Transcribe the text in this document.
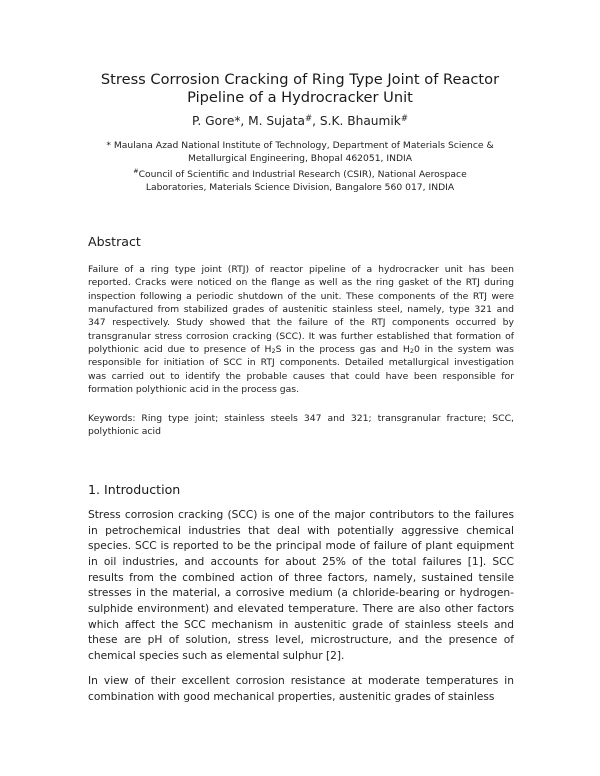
Stress Corrosion Cracking of Ring Type Joint of Reactor
Pipeline of a Hydrocracker Unit
P. Gore*, M. Sujata#, S.K. Bhaumik#
* Maulana Azad National Institute of Technology, Department of Materials Science &
Metallurgical Engineering, Bhopal 462051, INDIA
#Council of Scientific and Industrial Research (CSIR), National Aerospace
Laboratories, Materials Science Division, Bangalore 560 017, INDIA
Abstract

Failure of a ring type joint (RTJ) of reactor pipeline of a hydrocracker unit has been reported. Cracks were noticed on the flange as well as the ring gasket of the RTJ during inspection following a periodic shutdown of the unit. These components of the RTJ were manufactured from stabilized grades of austenitic stainless steel, namely, type 321 and 347 respectively. Study showed that the failure of the RTJ components occurred by transgranular stress corrosion cracking (SCC). It was further established that formation of polythionic acid due to presence of $H_2S$ in the process gas and $H_20$ in the system was responsible for initiation of SCC in RTJ components. Detailed metallurgical investigation was carried out to identify the probable causes that could have been responsible for formation polythionic acid in the process gas.

Keywords: Ring type joint; stainless steels 347 and 321; transgranular fracture; SCC, polythionic acid

1. Introduction

Stress corrosion cracking (SCC) is one of the major contributors to the failures in petrochemical industries that deal with potentially aggressive chemical species. SCC is reported to be the principal mode of failure of plant equipment in oil industries, and accounts for about 25% of the total failures [1]. SCC results from the combined action of three factors, namely, sustained tensile stresses in the material, a corrosive medium (a chloride-bearing or hydrogen-sulphide environment) and elevated temperature. There are also other factors which affect the SCC mechanism in austenitic grade of stainless steels and these are pH of solution, stress level, microstructure, and the presence of chemical species such as elemental sulphur [2].

In view of their excellent corrosion resistance at moderate temperatures in combination with good mechanical properties, austenitic grades of stainless
